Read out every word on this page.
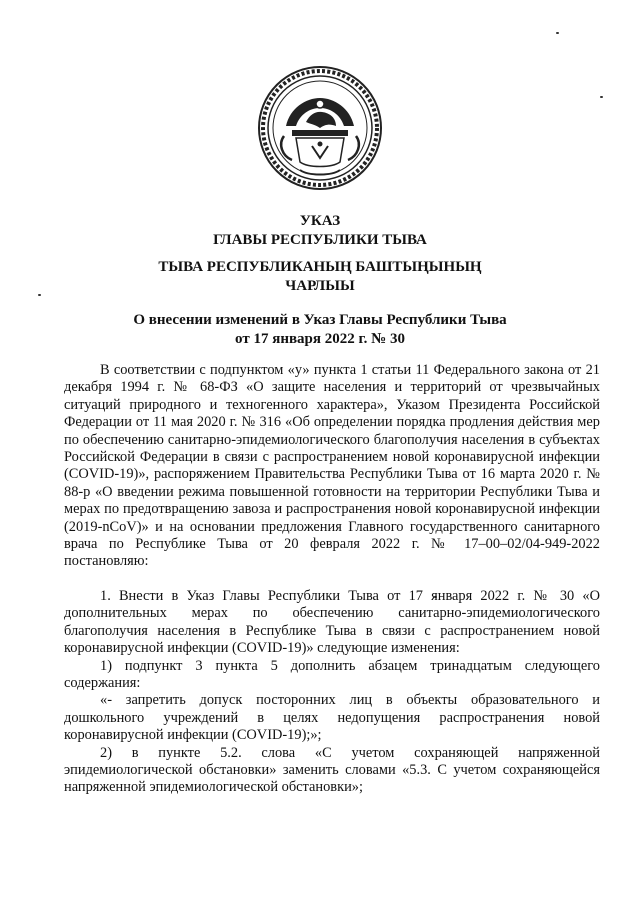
УКАЗ
ГЛАВЫ РЕСПУБЛИКИ ТЫВА
ТЫВА РЕСПУБЛИКАНЫҢ БАШТЫҢЫНЫҢ
ЧАРЛЫЫ
О внесении изменений в Указ Главы Республики Тыва
от 17 января 2022 г. № 30

В соответствии с подпунктом «у» пункта 1 статьи 11 Федерального закона от 21 декабря 1994 г. № 68-ФЗ «О защите населения и территорий от чрезвычайных ситуаций природного и техногенного характера», Указом Президента Российской Федерации от 11 мая 2020 г. № 316 «Об определении порядка продления действия мер по обеспечению санитарно-эпидемиологического благополучия населения в субъектах Российской Федерации в связи с распространением новой коронавирусной инфекции (COVID-19)», распоряжением Правительства Республики Тыва от 16 марта 2020 г. № 88-р «О введении режима повышенной готовности на территории Республики Тыва и мерах по предотвращению завоза и распространения новой коронавирусной инфекции (2019-nCoV)» и на основании предложения Главного государственного санитарного врача по Республике Тыва от 20 февраля 2022 г. № 17–00–02/04-949-2022 постановляю:

1. Внести в Указ Главы Республики Тыва от 17 января 2022 г. № 30 «О дополнительных мерах по обеспечению санитарно-эпидемиологического благополучия населения в Республике Тыва в связи с распространением новой коронавирусной инфекции (COVID-19)» следующие изменения:

1) подпункт 3 пункта 5 дополнить абзацем тринадцатым следующего содержания:

«- запретить допуск посторонних лиц в объекты образовательного и дошкольного учреждений в целях недопущения распространения новой коронавирусной инфекции (COVID-19);»;

2) в пункте 5.2. слова «С учетом сохраняющей напряженной эпидемиологической обстановки» заменить словами «5.3. С учетом сохраняющейся напряженной эпидемиологической обстановки»;
